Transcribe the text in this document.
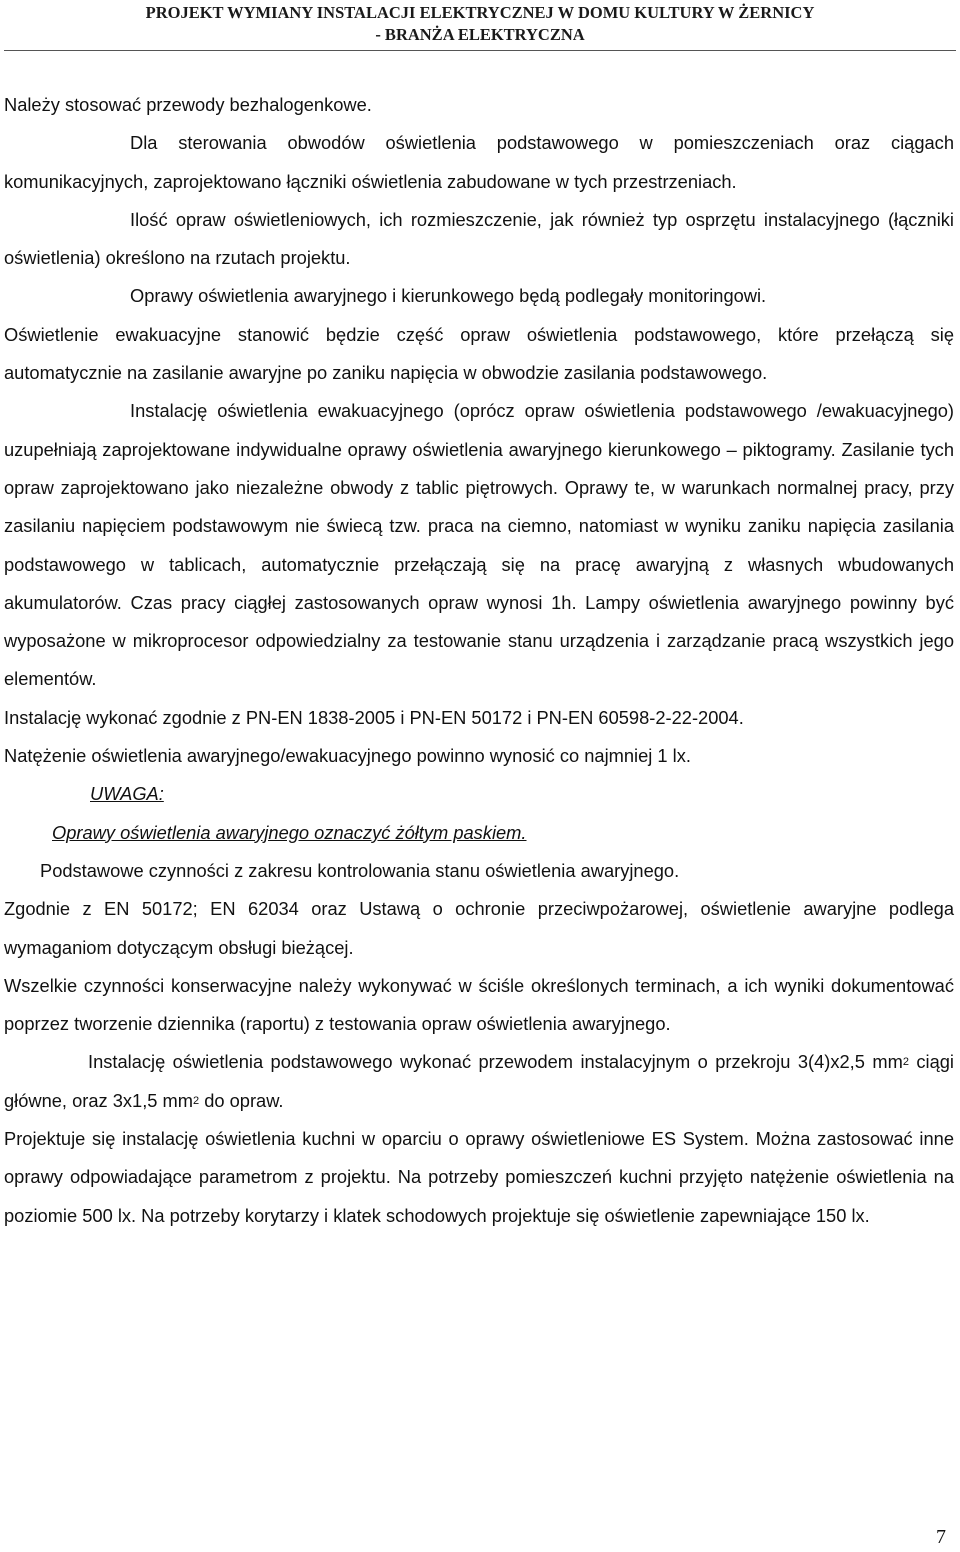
PROJEKT WYMIANY INSTALACJI ELEKTRYCZNEJ W DOMU KULTURY W ŻERNICY
- BRANŻA ELEKTRYCZNA

Należy stosować przewody bezhalogenkowe.

Dla sterowania obwodów oświetlenia podstawowego w pomieszczeniach oraz ciągach komunikacyjnych, zaprojektowano łączniki oświetlenia zabudowane w tych przestrzeniach.

Ilość opraw oświetleniowych, ich rozmieszczenie, jak również typ osprzętu instalacyjnego (łączniki oświetlenia) określono na rzutach projektu.

Oprawy oświetlenia awaryjnego i kierunkowego będą podlegały monitoringowi.

Oświetlenie ewakuacyjne stanowić będzie część opraw oświetlenia podstawowego, które przełączą się automatycznie na zasilanie awaryjne po zaniku napięcia w obwodzie zasilania podstawowego.

Instalację oświetlenia ewakuacyjnego (oprócz opraw oświetlenia podstawowego /ewakuacyjnego) uzupełniają zaprojektowane indywidualne oprawy oświetlenia awaryjnego kierunkowego – piktogramy. Zasilanie tych opraw zaprojektowano jako niezależne obwody z tablic piętrowych. Oprawy te, w warunkach normalnej pracy, przy zasilaniu napięciem podstawowym nie świecą tzw. praca na ciemno, natomiast w wyniku zaniku napięcia zasilania podstawowego w tablicach, automatycznie przełączają się na pracę awaryjną z własnych wbudowanych akumulatorów. Czas pracy ciągłej zastosowanych opraw wynosi 1h. Lampy oświetlenia awaryjnego powinny być wyposażone w mikroprocesor odpowiedzialny za testowanie stanu urządzenia i zarządzanie pracą wszystkich jego elementów.

Instalację wykonać zgodnie z PN-EN 1838-2005 i PN-EN 50172 i PN-EN 60598-2-22-2004.

Natężenie oświetlenia awaryjnego/ewakuacyjnego powinno wynosić co najmniej 1 lx.

UWAGA:

Oprawy oświetlenia awaryjnego oznaczyć żółtym paskiem.

Podstawowe czynności z zakresu kontrolowania stanu oświetlenia awaryjnego.

Zgodnie z EN 50172; EN 62034 oraz Ustawą o ochronie przeciwpożarowej, oświetlenie awaryjne podlega wymaganiom dotyczącym obsługi bieżącej.

Wszelkie czynności konserwacyjne należy wykonywać w ściśle określonych terminach, a ich wyniki dokumentować poprzez tworzenie dziennika (raportu) z testowania opraw oświetlenia awaryjnego.

Instalację oświetlenia podstawowego wykonać przewodem instalacyjnym o przekroju 3(4)x2,5 $mm^2$ ciągi główne, oraz 3x1,5 $mm^2$ do opraw.

Projektuje się instalację oświetlenia kuchni w oparciu o oprawy oświetleniowe ES System. Można zastosować inne oprawy odpowiadające parametrom z projektu. Na potrzeby pomieszczeń kuchni przyjęto natężenie oświetlenia na poziomie 500 lx. Na potrzeby korytarzy i klatek schodowych projektuje się oświetlenie zapewniające 150 lx.

7
